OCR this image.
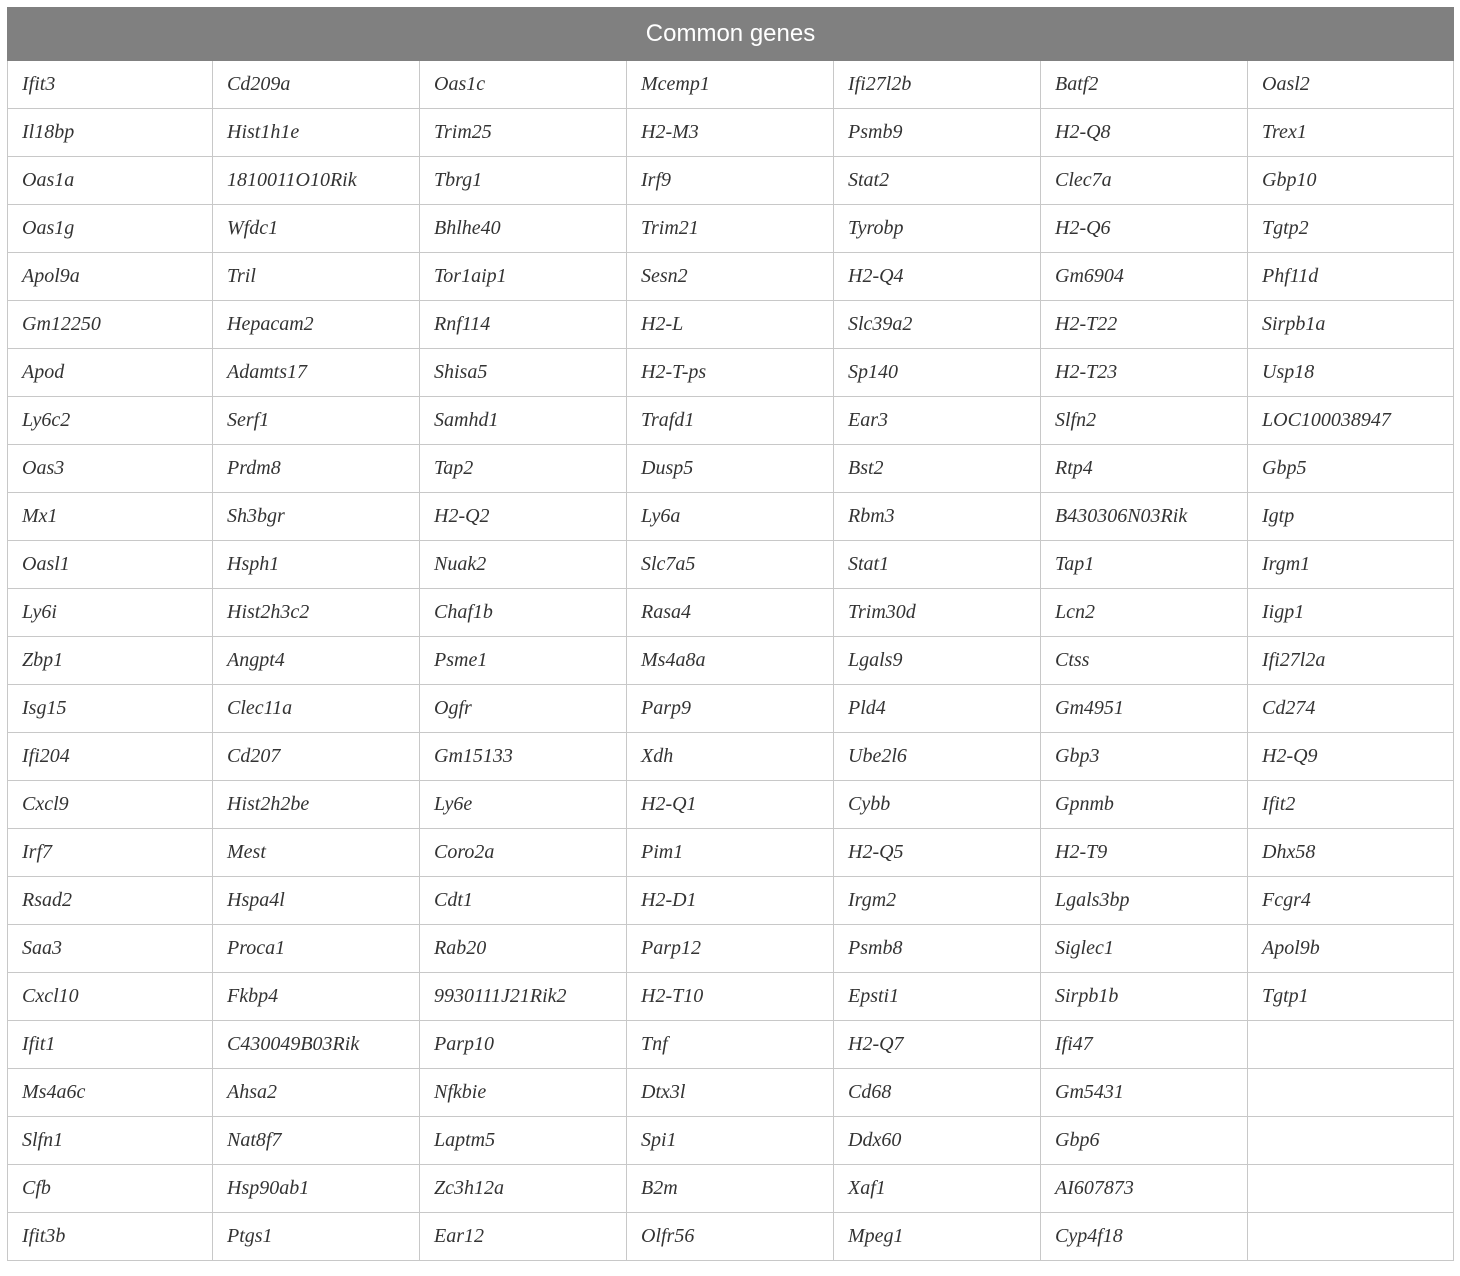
Common genes						
Ifit3	Cd209a	Oas1c	Mcemp1	Ifi27l2b	Batf2	Oasl2
Il18bp	Hist1h1e	Trim25	H2-M3	Psmb9	H2-Q8	Trex1
Oas1a	1810011O10Rik	Tbrg1	Irf9	Stat2	Clec7a	Gbp10
Oas1g	Wfdc1	Bhlhe40	Trim21	Tyrobp	H2-Q6	Tgtp2
Apol9a	Tril	Tor1aip1	Sesn2	H2-Q4	Gm6904	Phf11d
Gm12250	Hepacam2	Rnf114	H2-L	Slc39a2	H2-T22	Sirpb1a
Apod	Adamts17	Shisa5	H2-T-ps	Sp140	H2-T23	Usp18
Ly6c2	Serf1	Samhd1	Trafd1	Ear3	Slfn2	LOC100038947
Oas3	Prdm8	Tap2	Dusp5	Bst2	Rtp4	Gbp5
Mx1	Sh3bgr	H2-Q2	Ly6a	Rbm3	B430306N03Rik	Igtp
Oasl1	Hsph1	Nuak2	Slc7a5	Stat1	Tap1	Irgm1
Ly6i	Hist2h3c2	Chaf1b	Rasa4	Trim30d	Lcn2	Iigp1
Zbp1	Angpt4	Psme1	Ms4a8a	Lgals9	Ctss	Ifi27l2a
Isg15	Clec11a	Ogfr	Parp9	Pld4	Gm4951	Cd274
Ifi204	Cd207	Gm15133	Xdh	Ube2l6	Gbp3	H2-Q9
Cxcl9	Hist2h2be	Ly6e	H2-Q1	Cybb	Gpnmb	Ifit2
Irf7	Mest	Coro2a	Pim1	H2-Q5	H2-T9	Dhx58
Rsad2	Hspa4l	Cdt1	H2-D1	Irgm2	Lgals3bp	Fcgr4
Saa3	Proca1	Rab20	Parp12	Psmb8	Siglec1	Apol9b
Cxcl10	Fkbp4	9930111J21Rik2	H2-T10	Epsti1	Sirpb1b	Tgtp1
Ifit1	C430049B03Rik	Parp10	Tnf	H2-Q7	Ifi47	
Ms4a6c	Ahsa2	Nfkbie	Dtx3l	Cd68	Gm5431	
Slfn1	Nat8f7	Laptm5	Spi1	Ddx60	Gbp6	
Cfb	Hsp90ab1	Zc3h12a	B2m	Xaf1	AI607873	
Ifit3b	Ptgs1	Ear12	Olfr56	Mpeg1	Cyp4f18	
